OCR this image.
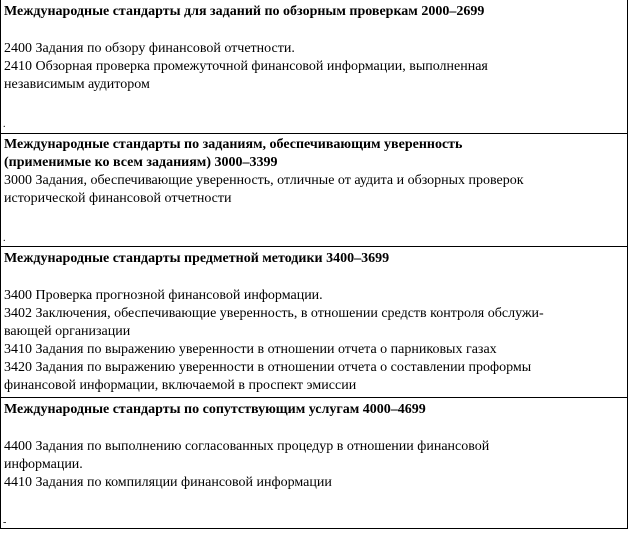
Международные стандарты для заданий по обзорным проверкам 2000–2699
2400 Задания по обзору финансовой отчетности.
2410 Обзорная проверка промежуточной финансовой информации, выполненная
независимым аудитором
.
Международные стандарты по заданиям, обеспечивающим уверенность
(применимые ко всем заданиям) 3000–3399
3000 Задания, обеспечивающие уверенность, отличные от аудита и обзорных проверок
исторической финансовой отчетности
.
Международные стандарты предметной методики 3400–3699
3400 Проверка прогнозной финансовой информации.
3402 Заключения, обеспечивающие уверенность, в отношении средств контроля обслужи-
вающей организации
3410 Задания по выражению уверенности в отношении отчета о парниковых газах
3420 Задания по выражению уверенности в отношении отчета о составлении проформы
финансовой информации, включаемой в проспект эмиссии
Международные стандарты по сопутствующим услугам 4000–4699
4400 Задания по выполнению согласованных процедур в отношении финансовой
информации.
4410 Задания по компиляции финансовой информации
-
